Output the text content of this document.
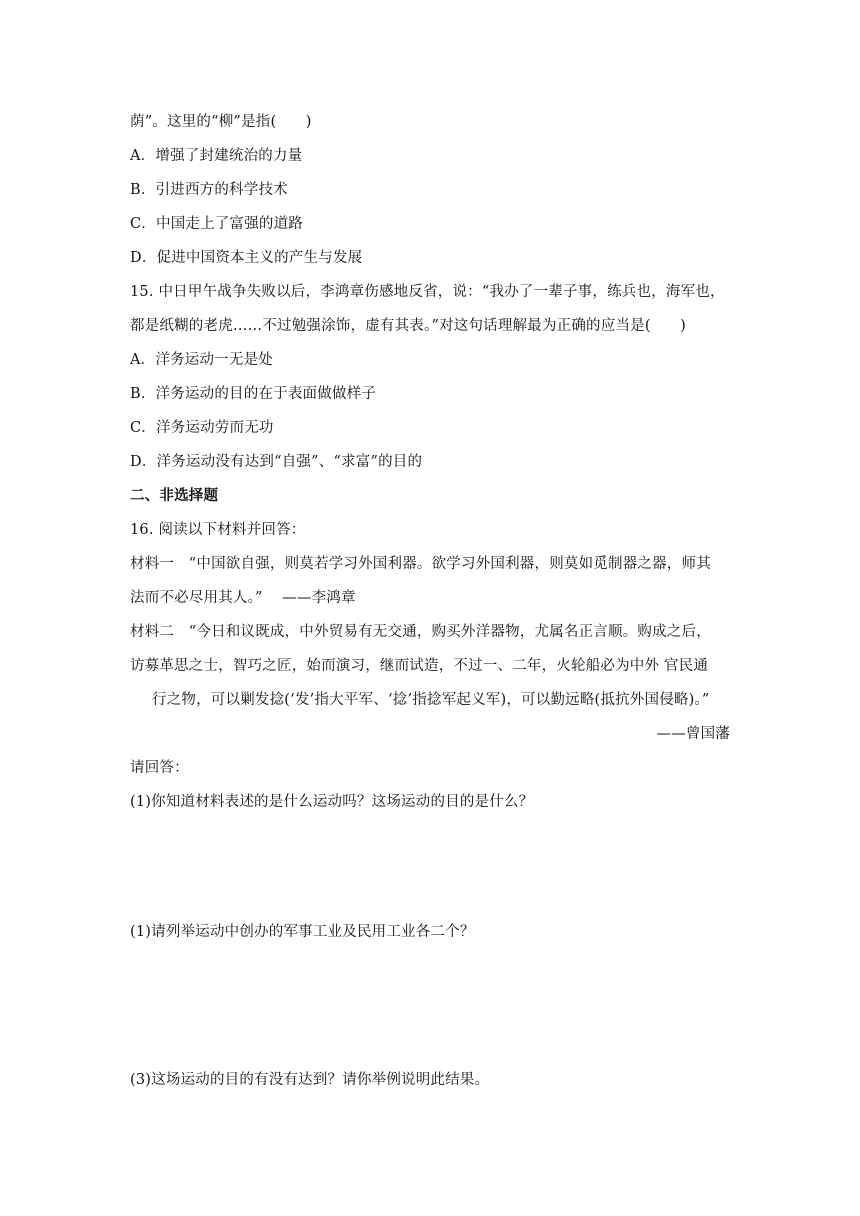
荫”。这里的“柳”是指(　　)
A．增强了封建统治的力量
B．引进西方的科学技术
C．中国走上了富强的道路
D．促进中国资本主义的产生与发展
15. 中日甲午战争失败以后，李鸿章伤感地反省，说：“我办了一辈子事，练兵也，海军也，
都是纸糊的老虎……不过勉强涂饰，虚有其表。”对这句话理解最为正确的应当是(　　)
A．洋务运动一无是处
B．洋务运动的目的在于表面做做样子
C．洋务运动劳而无功
D．洋务运动没有达到“自强”、“求富”的目的
二、非选择题
16. 阅读以下材料并回答：
材料一　“中国欲自强，则莫若学习外国利器。欲学习外国利器，则莫如觅制器之器，师其
法而不必尽用其人。”　 ——李鸿章
材料二　“今日和议既成，中外贸易有无交通，购买外洋器物，尤属名正言顺。购成之后，
访募革思之士，智巧之匠，始而演习，继而试造，不过一、二年，火轮船必为中外 官民通
行之物，可以剿发捻(‘发’指大平军、‘捻’指捻军起义军)，可以勤远略(抵抗外国侵略)。”
——曾国藩
请回答：
(1)你知道材料表述的是什么运动吗？这场运动的目的是什么？
(1)请列举运动中创办的军事工业及民用工业各二个？
(3)这场运动的目的有没有达到？请你举例说明此结果。
